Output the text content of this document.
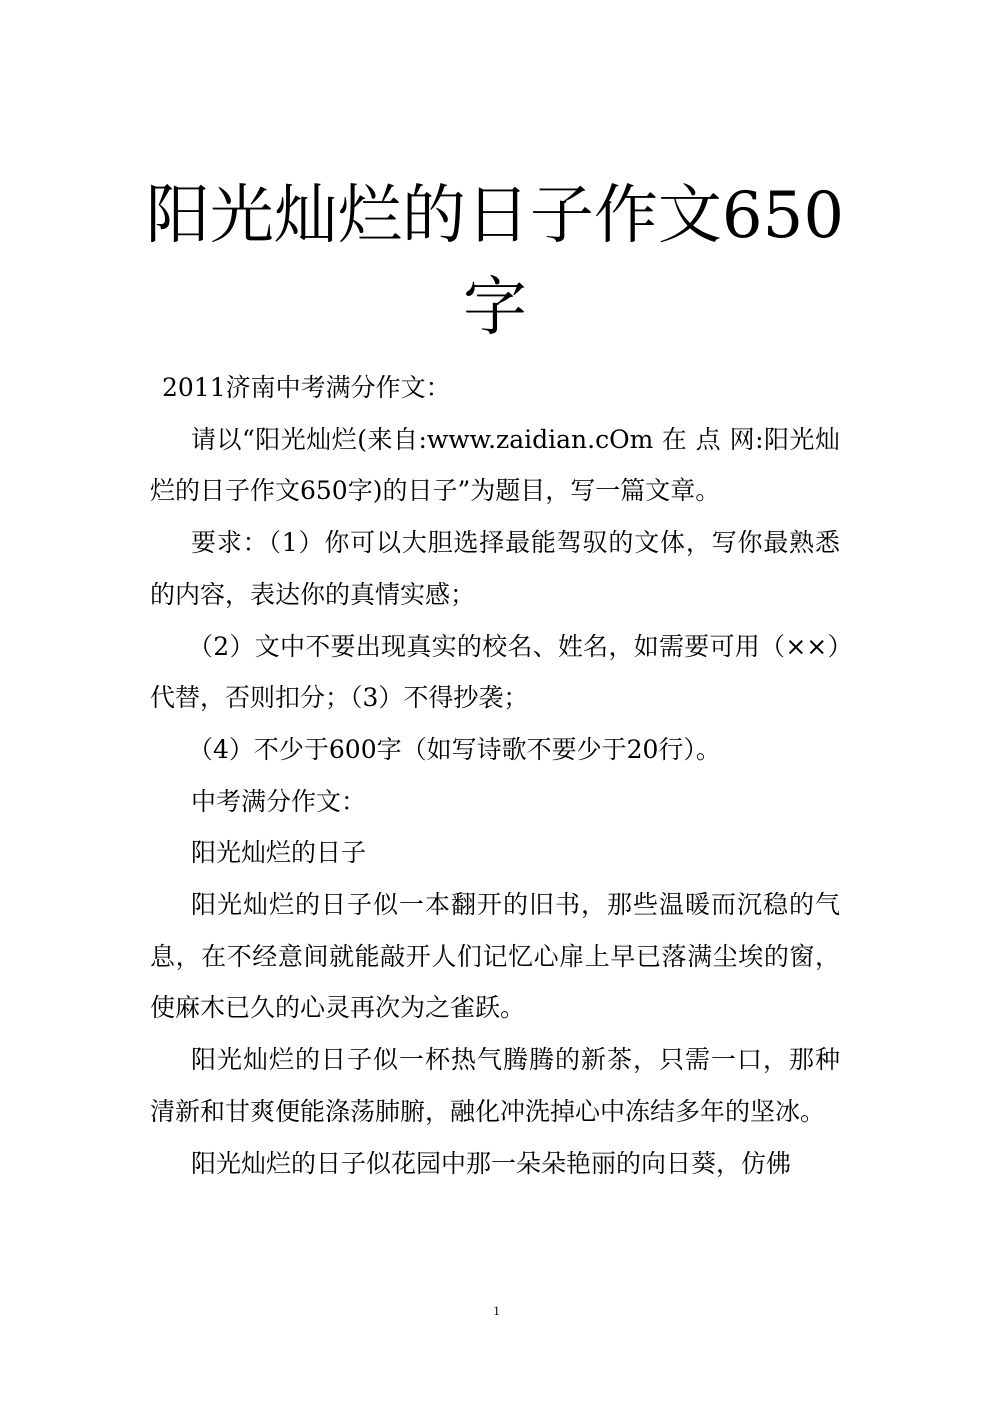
阳光灿烂的日子作文650字

2011济南中考满分作文：

请以“阳光灿烂(来自:www.zaidian.cOm 在 点 网:阳光灿烂的日子作文650字)的日子”为题目，写一篇文章。

要求：（1）你可以大胆选择最能驾驭的文体，写你最熟悉的内容，表达你的真情实感；

（2）文中不要出现真实的校名、姓名，如需要可用（××）代替，否则扣分；（3）不得抄袭；

（4）不少于600字（如写诗歌不要少于20行）。

中考满分作文：

阳光灿烂的日子

阳光灿烂的日子似一本翻开的旧书，那些温暖而沉稳的气息，在不经意间就能敲开人们记忆心扉上早已落满尘埃的窗，使麻木已久的心灵再次为之雀跃。

阳光灿烂的日子似一杯热气腾腾的新茶，只需一口，那种清新和甘爽便能涤荡肺腑，融化冲洗掉心中冻结多年的坚冰。

阳光灿烂的日子似花园中那一朵朵艳丽的向日葵，仿佛

1
